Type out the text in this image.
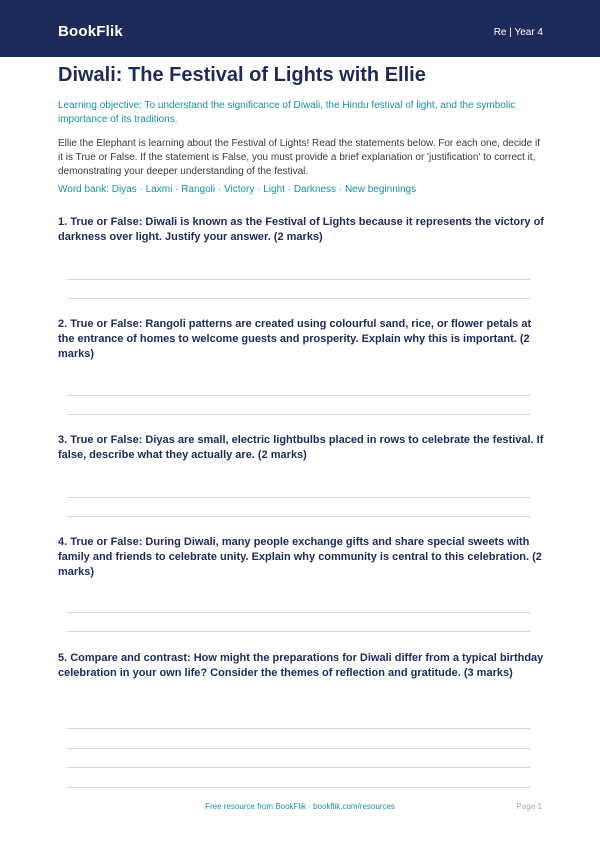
BookFlik	Re | Year 4
Diwali: The Festival of Lights with Ellie

Learning objective: To understand the significance of Diwali, the Hindu festival of light, and the symbolic importance of its traditions.

Ellie the Elephant is learning about the Festival of Lights! Read the statements below. For each one, decide if it is True or False. If the statement is False, you must provide a brief explanation or 'justification' to correct it, demonstrating your deeper understanding of the festival.

Word bank: Diyas · Laxmi · Rangoli · Victory · Light · Darkness · New beginnings

1. True or False: Diwali is known as the Festival of Lights because it represents the victory of darkness over light. Justify your answer. (2 marks)

2. True or False: Rangoli patterns are created using colourful sand, rice, or flower petals at the entrance of homes to welcome guests and prosperity. Explain why this is important. (2 marks)

3. True or False: Diyas are small, electric lightbulbs placed in rows to celebrate the festival. If false, describe what they actually are. (2 marks)

4. True or False: During Diwali, many people exchange gifts and share special sweets with family and friends to celebrate unity. Explain why community is central to this celebration. (2 marks)

5. Compare and contrast: How might the preparations for Diwali differ from a typical birthday celebration in your own life? Consider the themes of reflection and gratitude. (3 marks)

Free resource from BookFlik · bookflik.com/resources	Page 1
